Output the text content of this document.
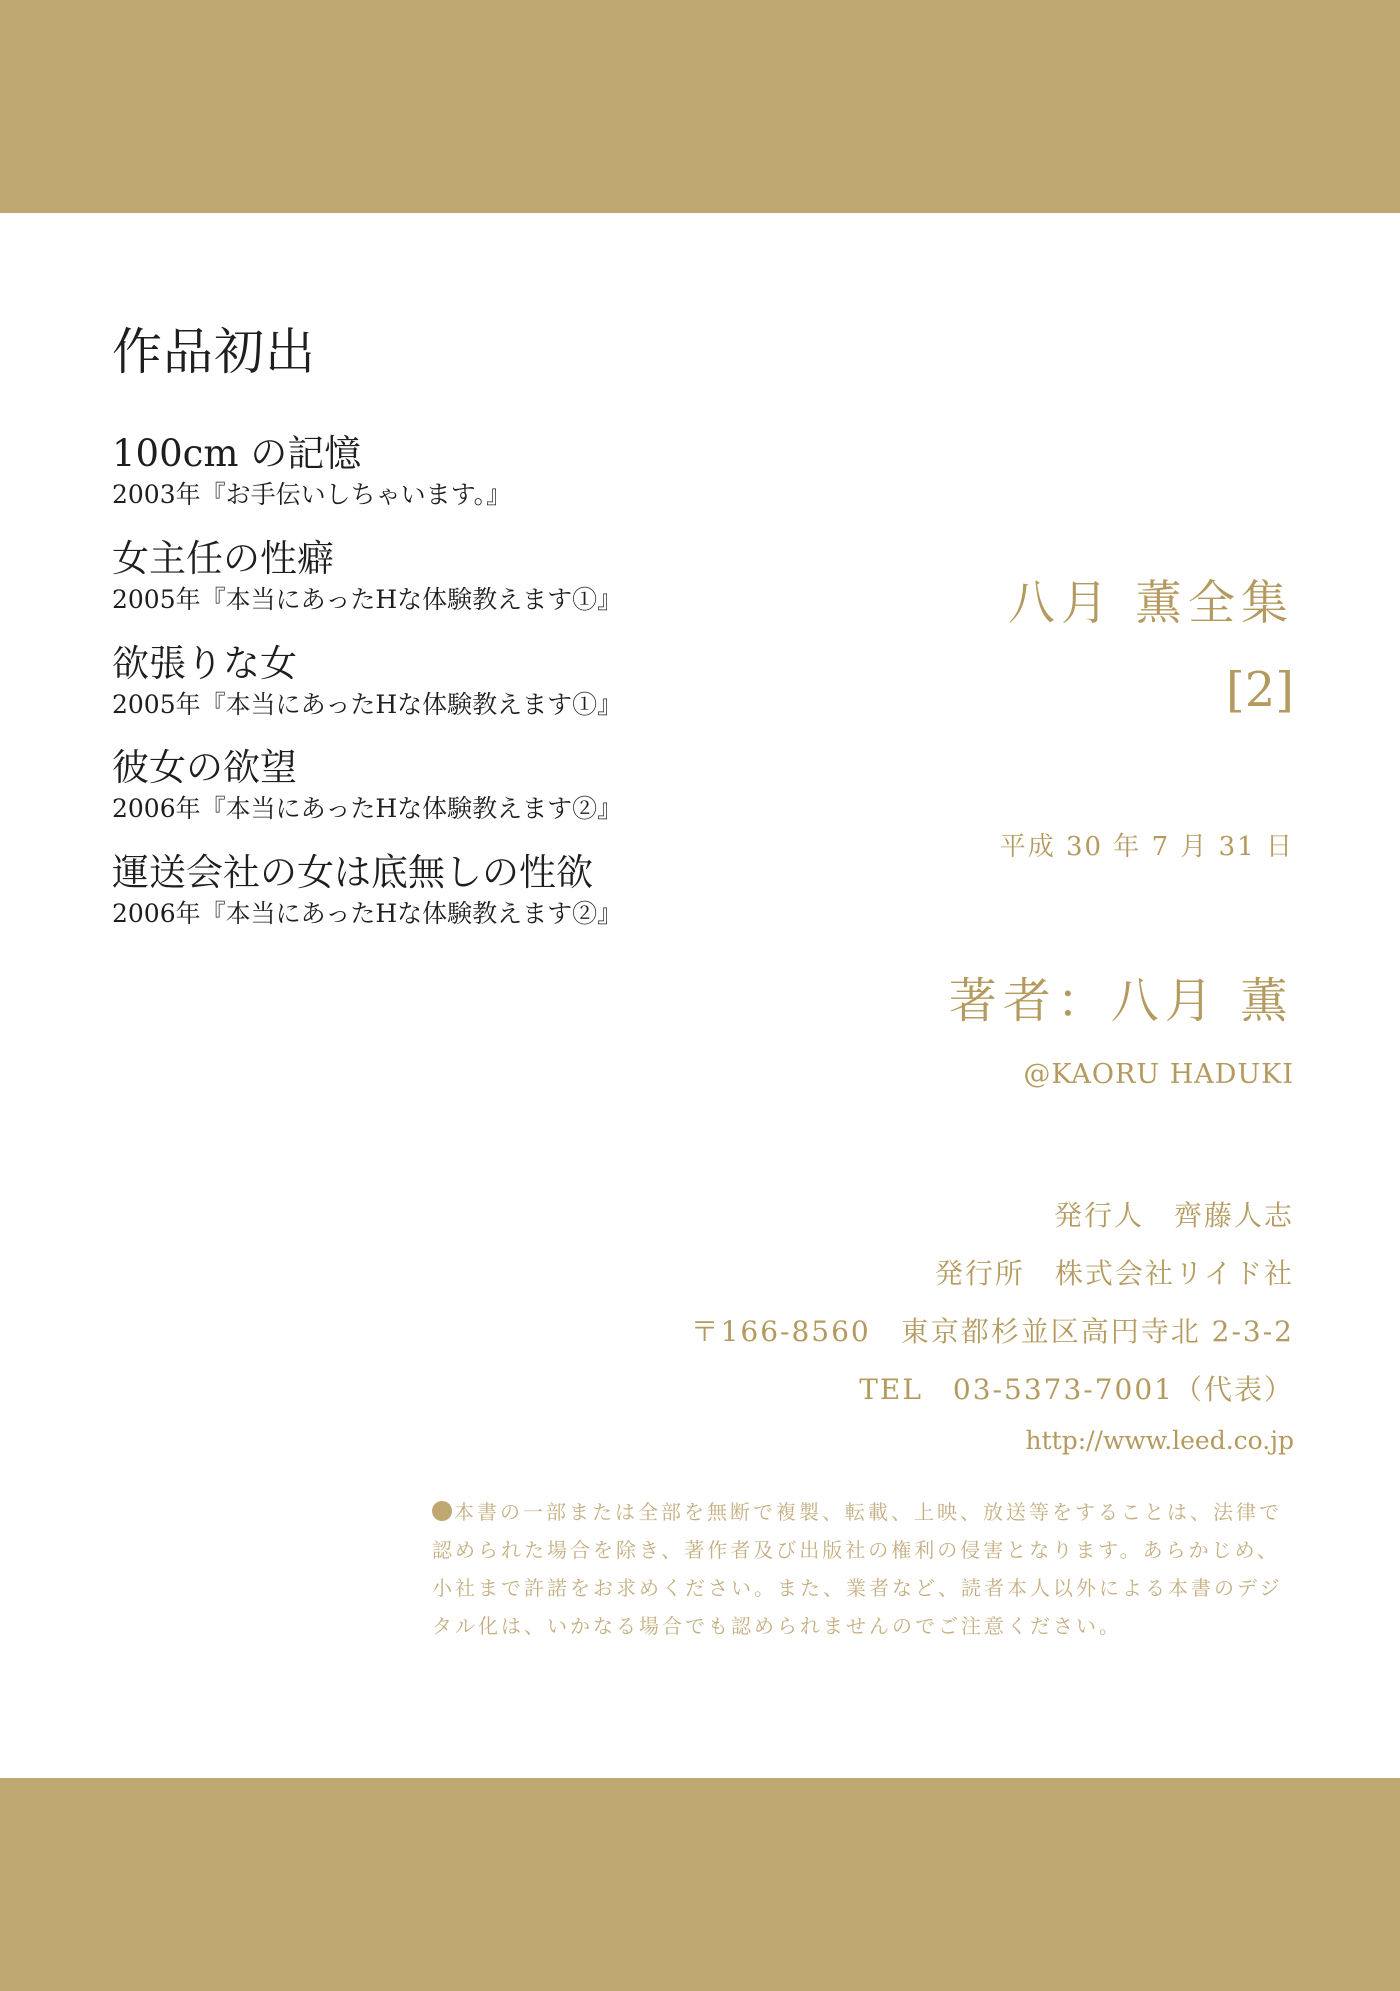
作品初出
100cm の記憶
2003年『お手伝いしちゃいます。』
女主任の性癖
2005年『本当にあったHな体験教えます①』
欲張りな女
2005年『本当にあったHな体験教えます①』
彼女の欲望
2006年『本当にあったHな体験教えます②』
運送会社の女は底無しの性欲
2006年『本当にあったHな体験教えます②』
八月 薫全集
[2]
平成 30 年 7 月 31 日
著者：八月 薫
@KAORU HADUKI
発行人　齊藤人志
発行所　株式会社リイド社
〒166-8560　東京都杉並区高円寺北 2-3-2
TEL　03-5373-7001（代表）
http://www.leed.co.jp
本書の一部または全部を無断で複製、転載、上映、放送等をすることは、法律で認められた場合を除き、著作者及び出版社の権利の侵害となります。あらかじめ、小社まで許諾をお求めください。また、業者など、読者本人以外による本書のデジタル化は、いかなる場合でも認められませんのでご注意ください。
